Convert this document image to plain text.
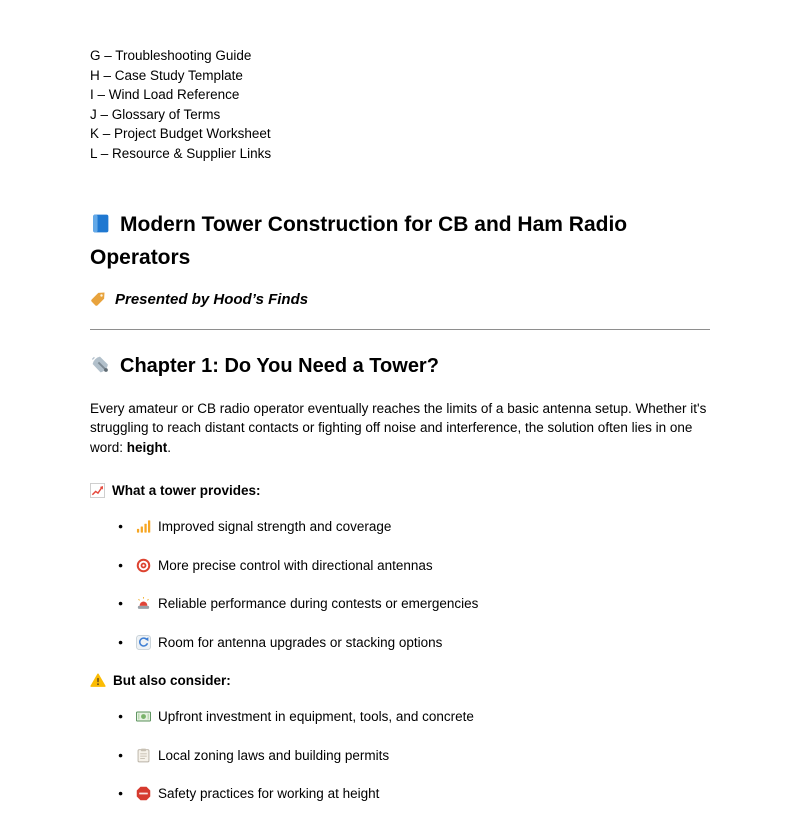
G – Troubleshooting Guide
H – Case Study Template
I – Wind Load Reference
J – Glossary of Terms
K – Project Budget Worksheet
L – Resource & Supplier Links
Modern Tower Construction for CB and Ham Radio Operators

Presented by Hood’s Finds

Chapter 1: Do You Need a Tower?

Every amateur or CB radio operator eventually reaches the limits of a basic antenna setup. Whether it's struggling to reach distant contacts or fighting off noise and interference, the solution often lies in one word: height.

What a tower provides:

● Improved signal strength and coverage
● More precise control with directional antennas
● Reliable performance during contests or emergencies
● Room for antenna upgrades or stacking options

But also consider:

● Upfront investment in equipment, tools, and concrete
● Local zoning laws and building permits
● Safety practices for working at height
